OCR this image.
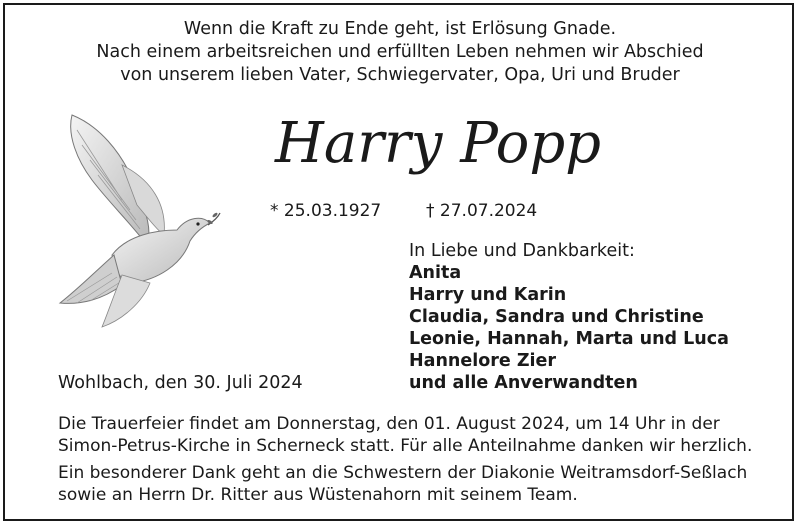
Wenn die Kraft zu Ende geht, ist Erlösung Gnade.
Nach einem arbeitsreichen und erfüllten Leben nehmen wir Abschied
von unserem lieben Vater, Schwiegervater, Opa, Uri und Bruder
Harry Popp
* 25.03.1927	† 27.07.2024
In Liebe und Dankbarkeit:
Anita
Harry und Karin
Claudia, Sandra und Christine
Leonie, Hannah, Marta und Luca
Hannelore Zier
und alle Anverwandten
Wohlbach, den 30. Juli 2024
Die Trauerfeier findet am Donnerstag, den 01. August 2024, um 14 Uhr in der
Simon-Petrus-Kirche in Scherneck statt. Für alle Anteilnahme danken wir herzlich.
Ein besonderer Dank geht an die Schwestern der Diakonie Weitramsdorf-Seßlach
sowie an Herrn Dr. Ritter aus Wüstenahorn mit seinem Team.
